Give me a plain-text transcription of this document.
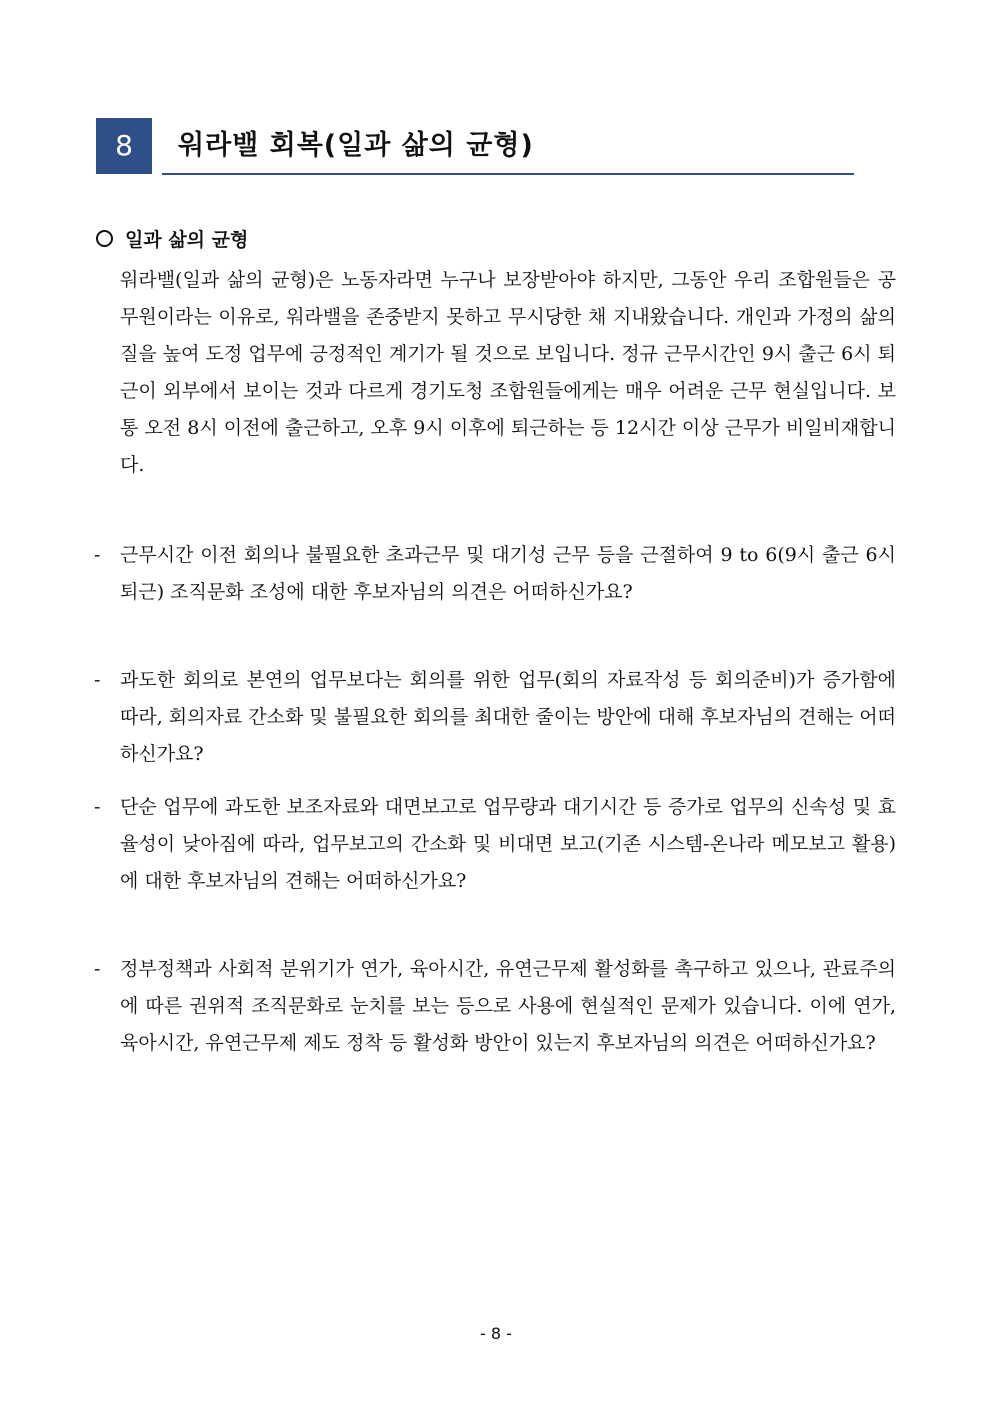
8	워라밸 회복(일과 삶의 균형)
일과 삶의 균형
워라밸(일과 삶의 균형)은 노동자라면 누구나 보장받아야 하지만, 그동안 우리 조합원들은 공무원이라는 이유로, 워라밸을 존중받지 못하고 무시당한 채 지내왔습니다. 개인과 가정의 삶의 질을 높여 도정 업무에 긍정적인 계기가 될 것으로 보입니다. 정규 근무시간인 9시 출근 6시 퇴근이 외부에서 보이는 것과 다르게 경기도청 조합원들에게는 매우 어려운 근무 현실입니다. 보통 오전 8시 이전에 출근하고, 오후 9시 이후에 퇴근하는 등 12시간 이상 근무가 비일비재합니다.
-	근무시간 이전 회의나 불필요한 초과근무 및 대기성 근무 등을 근절하여 9 to 6(9시 출근 6시 퇴근) 조직문화 조성에 대한 후보자님의 의견은 어떠하신가요?
-	과도한 회의로 본연의 업무보다는 회의를 위한 업무(회의 자료작성 등 회의준비)가 증가함에 따라, 회의자료 간소화 및 불필요한 회의를 최대한 줄이는 방안에 대해 후보자님의 견해는 어떠하신가요?
-	단순 업무에 과도한 보조자료와 대면보고로 업무량과 대기시간 등 증가로 업무의 신속성 및 효율성이 낮아짐에 따라, 업무보고의 간소화 및 비대면 보고(기존 시스템-온나라 메모보고 활용)에 대한 후보자님의 견해는 어떠하신가요?
-	정부정책과 사회적 분위기가 연가, 육아시간, 유연근무제 활성화를 촉구하고 있으나, 관료주의에 따른 권위적 조직문화로 눈치를 보는 등으로 사용에 현실적인 문제가 있습니다. 이에 연가, 육아시간, 유연근무제 제도 정착 등 활성화 방안이 있는지 후보자님의 의견은 어떠하신가요?
- 8 -
